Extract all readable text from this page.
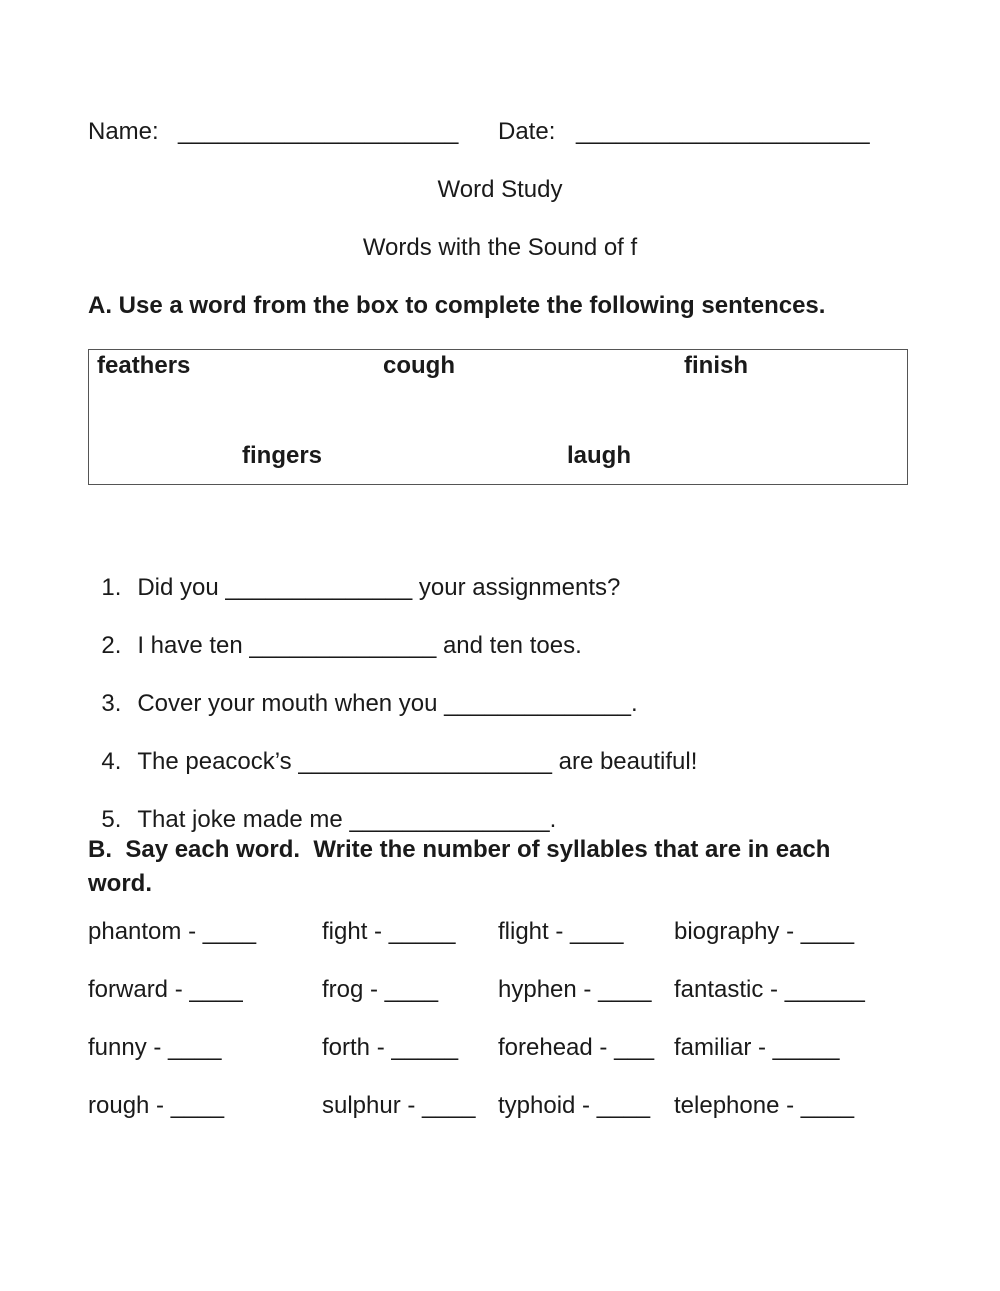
Name: _____________________ Date: ______________________
Word Study
Words with the Sound of f
A. Use a word from the box to complete the following sentences.
feathers	cough	finish
fingers	laugh

1. Did you ______________ your assignments?

2. I have ten ______________ and ten toes.

3. Cover your mouth when you ______________.

4. The peacock’s ___________________ are beautiful!

5. That joke made me _______________.

B.  Say each word.  Write the number of syllables that are in each
word.
phantom - ____	fight - _____ flight - ____ biography - ____
forward - ____	frog - ____ hyphen - ____ fantastic - ______
funny - ____	forth - _____ forehead - ___ familiar - _____
rough - ____	sulphur - ____ typhoid - ____ telephone - ____
